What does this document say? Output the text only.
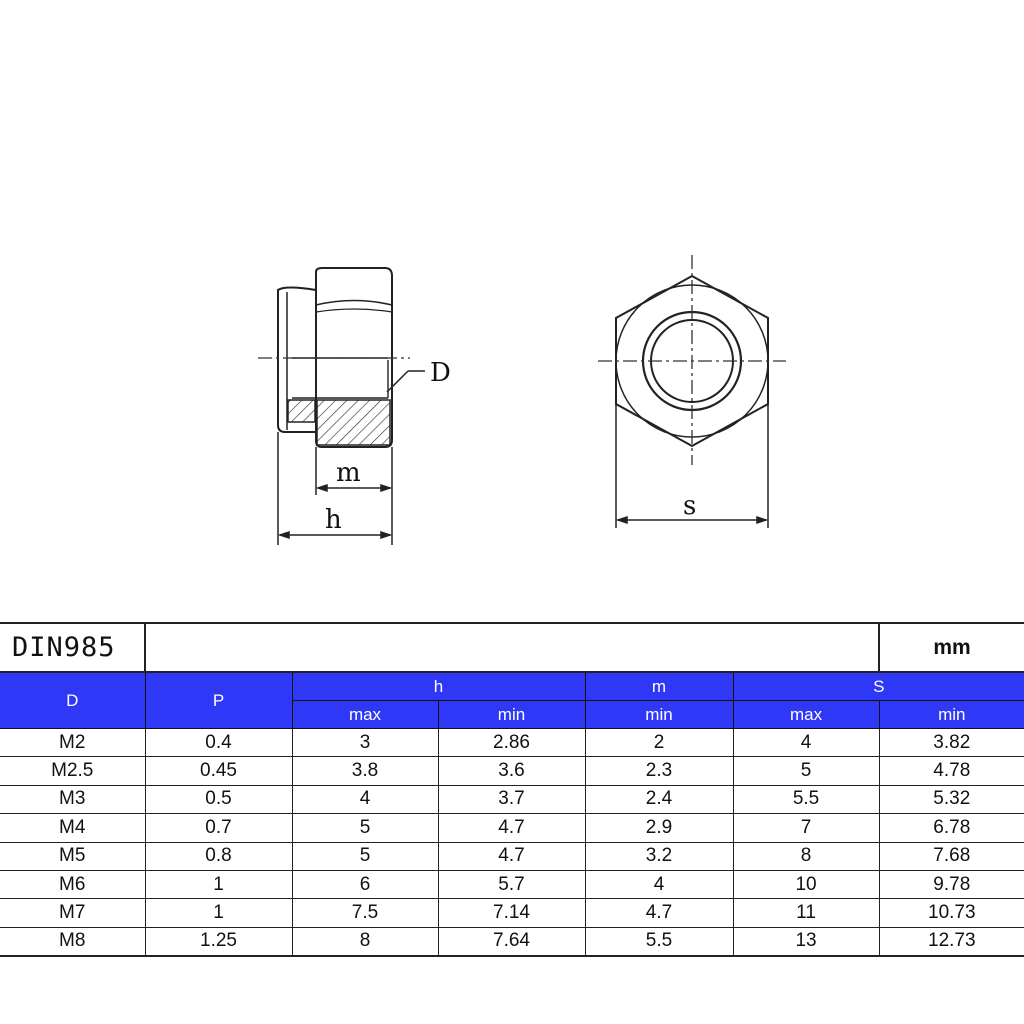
D
m
h	s
DIN985						mm
D	P	h		m	S	
		max	min	min	max	min
M2	0.4	3	2.86	2	4	3.82
M2.5	0.45	3.8	3.6	2.3	5	4.78
M3	0.5	4	3.7	2.4	5.5	5.32
M4	0.7	5	4.7	2.9	7	6.78
M5	0.8	5	4.7	3.2	8	7.68
M6	1	6	5.7	4	10	9.78
M7	1	7.5	7.14	4.7	11	10.73
M8	1.25	8	7.64	5.5	13	12.73
